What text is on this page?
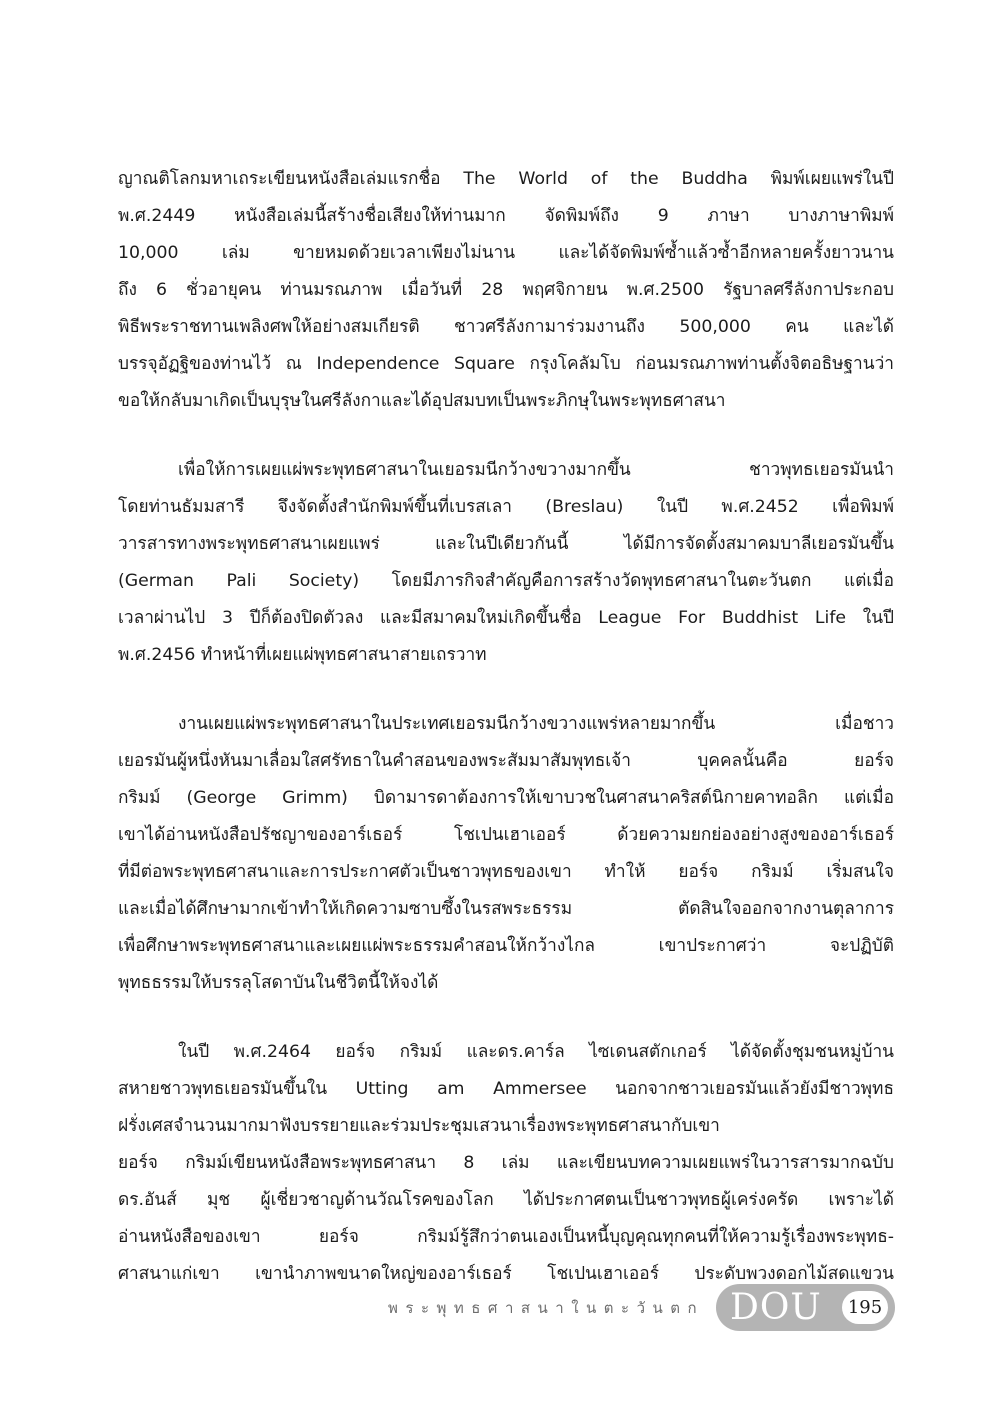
ญาณติโลกมหาเถระเขียนหนังสือเล่มแรกชื่อ The World of the Buddha พิมพ์เผยแพร่ในปี
พ.ศ.2449 หนังสือเล่มนี้สร้างชื่อเสียงให้ท่านมาก จัดพิมพ์ถึง 9 ภาษา บางภาษาพิมพ์
10,000 เล่ม ขายหมดด้วยเวลาเพียงไม่นาน และได้จัดพิมพ์ซ้ำแล้วซ้ำอีกหลายครั้งยาวนาน
ถึง 6 ชั่วอายุคน ท่านมรณภาพ เมื่อวันที่ 28 พฤศจิกายน พ.ศ.2500 รัฐบาลศรีลังกาประกอบ
พิธีพระราชทานเพลิงศพให้อย่างสมเกียรติ ชาวศรีลังกามาร่วมงานถึง 500,000 คน และได้
บรรจุอัฏฐิของท่านไว้ ณ Independence Square กรุงโคลัมโบ ก่อนมรณภาพท่านตั้งจิตอธิษฐานว่า
ขอให้กลับมาเกิดเป็นบุรุษในศรีลังกาและได้อุปสมบทเป็นพระภิกษุในพระพุทธศาสนา
เพื่อให้การเผยแผ่พระพุทธศาสนาในเยอรมนีกว้างขวางมากขึ้น ชาวพุทธเยอรมันนำ
โดยท่านธัมมสารี จึงจัดตั้งสำนักพิมพ์ขึ้นที่เบรสเลา (Breslau) ในปี พ.ศ.2452 เพื่อพิมพ์
วารสารทางพระพุทธศาสนาเผยแพร่ และในปีเดียวกันนี้ ได้มีการจัดตั้งสมาคมบาลีเยอรมันขึ้น
(German Pali Society) โดยมีภารกิจสำคัญคือการสร้างวัดพุทธศาสนาในตะวันตก แต่เมื่อ
เวลาผ่านไป 3 ปีก็ต้องปิดตัวลง และมีสมาคมใหม่เกิดขึ้นชื่อ League For Buddhist Life ในปี
พ.ศ.2456 ทำหน้าที่เผยแผ่พุทธศาสนาสายเถรวาท
งานเผยแผ่พระพุทธศาสนาในประเทศเยอรมนีกว้างขวางแพร่หลายมากขึ้น เมื่อชาว
เยอรมันผู้หนึ่งหันมาเลื่อมใสศรัทธาในคำสอนของพระสัมมาสัมพุทธเจ้า บุคคลนั้นคือ ยอร์จ
กริมม์ (George Grimm) บิดามารดาต้องการให้เขาบวชในศาสนาคริสต์นิกายคาทอลิก แต่เมื่อ
เขาได้อ่านหนังสือปรัชญาของอาร์เธอร์ โชเปนเฮาเออร์ ด้วยความยกย่องอย่างสูงของอาร์เธอร์
ที่มีต่อพระพุทธศาสนาและการประกาศตัวเป็นชาวพุทธของเขา ทำให้ ยอร์จ กริมม์ เริ่มสนใจ
และเมื่อได้ศึกษามากเข้าทำให้เกิดความซาบซึ้งในรสพระธรรม ตัดสินใจออกจากงานตุลาการ
เพื่อศึกษาพระพุทธศาสนาและเผยแผ่พระธรรมคำสอนให้กว้างไกล เขาประกาศว่า จะปฏิบัติ
พุทธธรรมให้บรรลุโสดาบันในชีวิตนี้ให้จงได้
ในปี พ.ศ.2464 ยอร์จ กริมม์ และดร.คาร์ล ไซเดนสตักเกอร์ ได้จัดตั้งชุมชนหมู่บ้าน
สหายชาวพุทธเยอรมันขึ้นใน Utting am Ammersee นอกจากชาวเยอรมันแล้วยังมีชาวพุทธ
ฝรั่งเศสจำนวนมากมาฟังบรรยายและร่วมประชุมเสวนาเรื่องพระพุทธศาสนากับเขา
ยอร์จ กริมม์เขียนหนังสือพระพุทธศาสนา 8 เล่ม และเขียนบทความเผยแพร่ในวารสารมากฉบับ
ดร.อันส์ มุช ผู้เชี่ยวชาญด้านวัณโรคของโลก ได้ประกาศตนเป็นชาวพุทธผู้เคร่งครัด เพราะได้
อ่านหนังสือของเขา ยอร์จ กริมม์รู้สึกว่าตนเองเป็นหนี้บุญคุณทุกคนที่ให้ความรู้เรื่องพระพุทธ-
ศาสนาแก่เขา เขานำภาพขนาดใหญ่ของอาร์เธอร์ โชเปนเฮาเออร์ ประดับพวงดอกไม้สดแขวน
พระพุทธศาสนาในตะวันตก DOU	195
